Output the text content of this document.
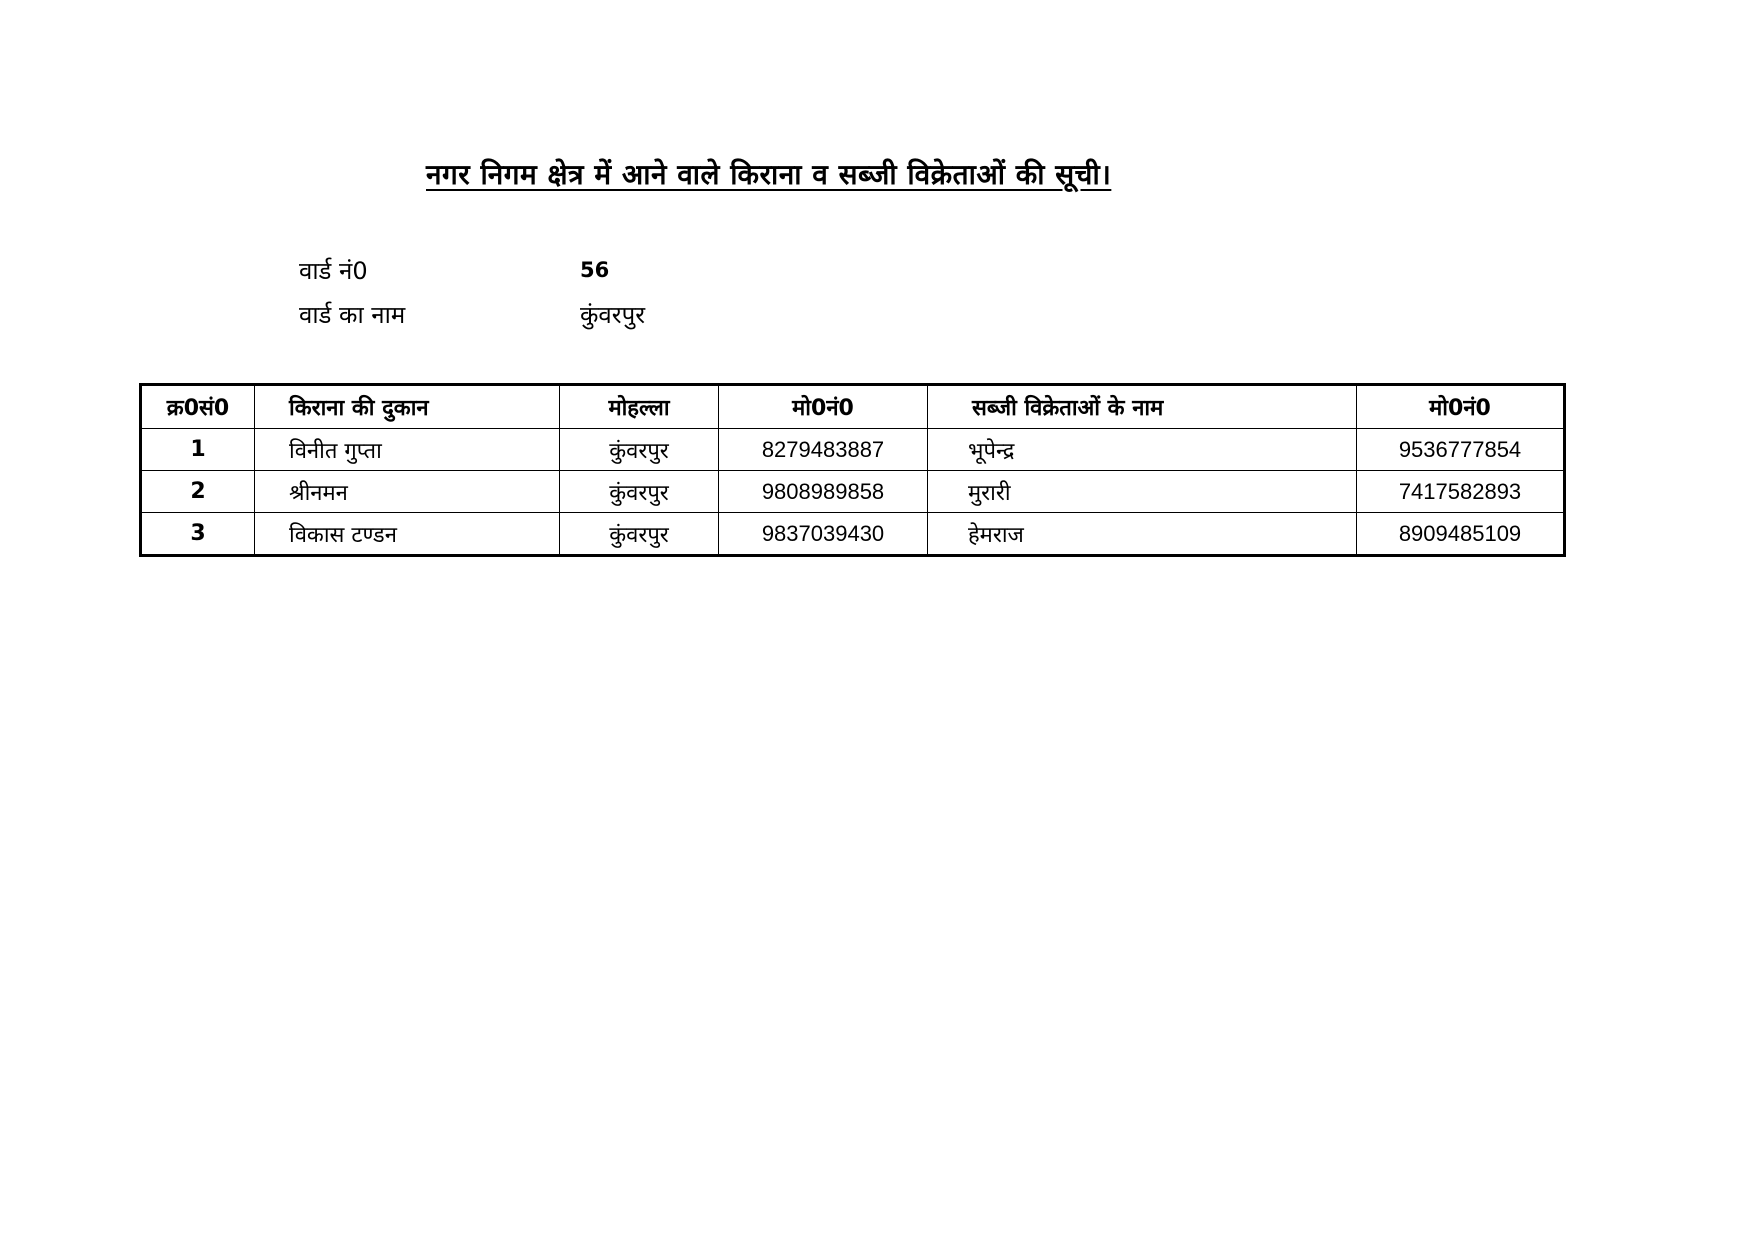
नगर निगम क्षेत्र में आने वाले किराना व सब्जी विक्रेताओं की सूची।
वार्ड नं0	56
वार्ड का नाम	कुंवरपुर
क्र0सं0	किराना की दुकान	मोहल्ला	मो0नं0	सब्जी विक्रेताओं के नाम	मो0नं0
1	विनीत गुप्ता	कुंवरपुर	8279483887	भूपेन्द्र	9536777854
2	श्रीनमन	कुंवरपुर	9808989858	मुरारी	7417582893
3	विकास टण्डन	कुंवरपुर	9837039430	हेमराज	8909485109
